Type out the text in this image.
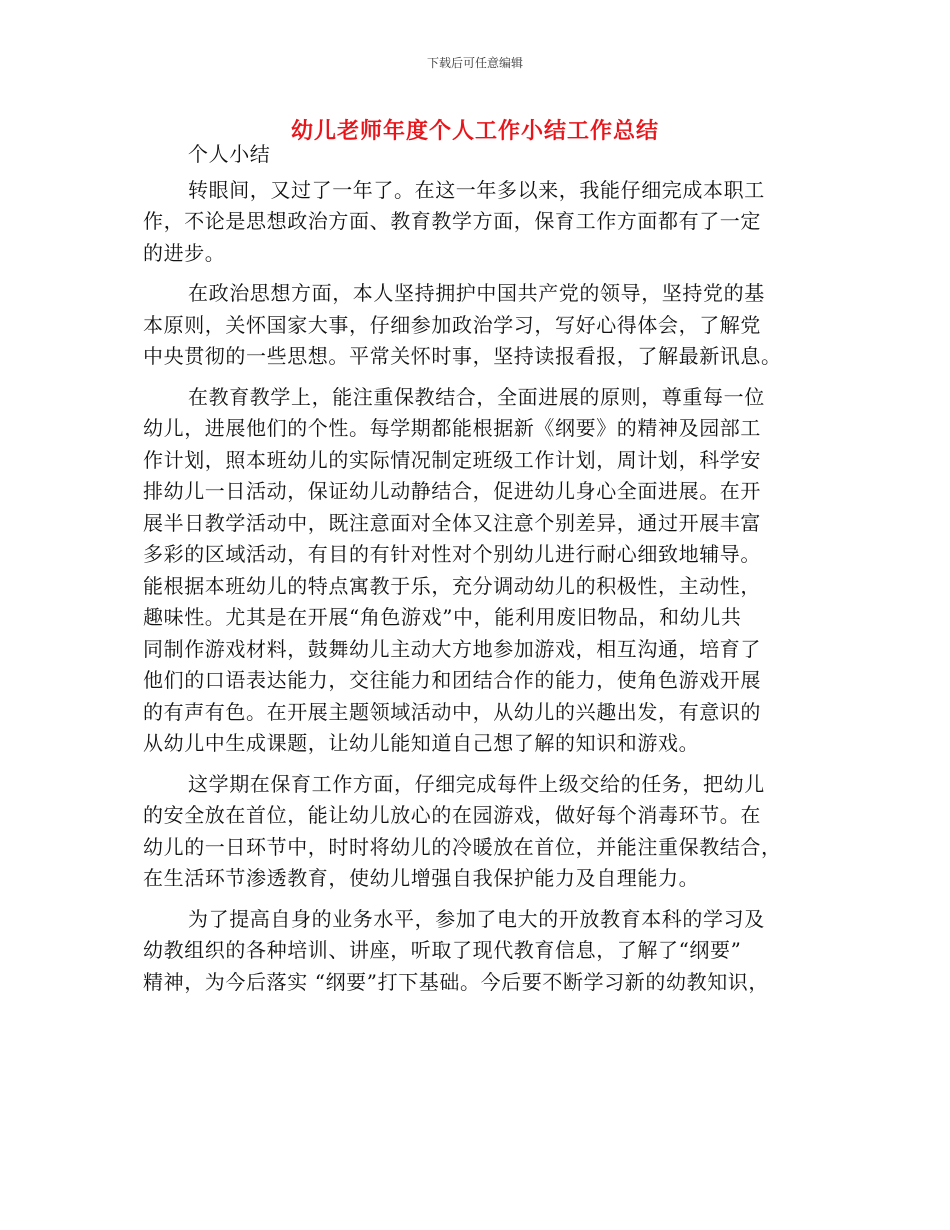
下载后可任意编辑
幼儿老师年度个人工作小结工作总结
个人小结
转眼间，又过了一年了。在这一年多以来，我能仔细完成本职工
作，不论是思想政治方面、教育教学方面，保育工作方面都有了一定
的进步。
在政治思想方面，本人坚持拥护中国共产党的领导，坚持党的基
本原则，关怀国家大事，仔细参加政治学习，写好心得体会，了解党
中央贯彻的一些思想。平常关怀时事，坚持读报看报，了解最新讯息。
在教育教学上，能注重保教结合，全面进展的原则，尊重每一位
幼儿，进展他们的个性。每学期都能根据新《纲要》的精神及园部工
作计划，照本班幼儿的实际情况制定班级工作计划，周计划，科学安
排幼儿一日活动，保证幼儿动静结合，促进幼儿身心全面进展。在开
展半日教学活动中，既注意面对全体又注意个别差异，通过开展丰富
多彩的区域活动，有目的有针对性对个别幼儿进行耐心细致地辅导。
能根据本班幼儿的特点寓教于乐，充分调动幼儿的积极性，主动性，
趣味性。尤其是在开展“角色游戏”中，能利用废旧物品，和幼儿共
同制作游戏材料，鼓舞幼儿主动大方地参加游戏，相互沟通，培育了
他们的口语表达能力，交往能力和团结合作的能力，使角色游戏开展
的有声有色。在开展主题领域活动中，从幼儿的兴趣出发，有意识的
从幼儿中生成课题，让幼儿能知道自己想了解的知识和游戏。
这学期在保育工作方面，仔细完成每件上级交给的任务，把幼儿
的安全放在首位，能让幼儿放心的在园游戏，做好每个消毒环节。在
幼儿的一日环节中，时时将幼儿的冷暖放在首位，并能注重保教结合，
在生活环节渗透教育，使幼儿增强自我保护能力及自理能力。
为了提高自身的业务水平，参加了电大的开放教育本科的学习及
幼教组织的各种培训、讲座，听取了现代教育信息，了解了“纲要”
精神，为今后落实 “纲要”打下基础。今后要不断学习新的幼教知识，
